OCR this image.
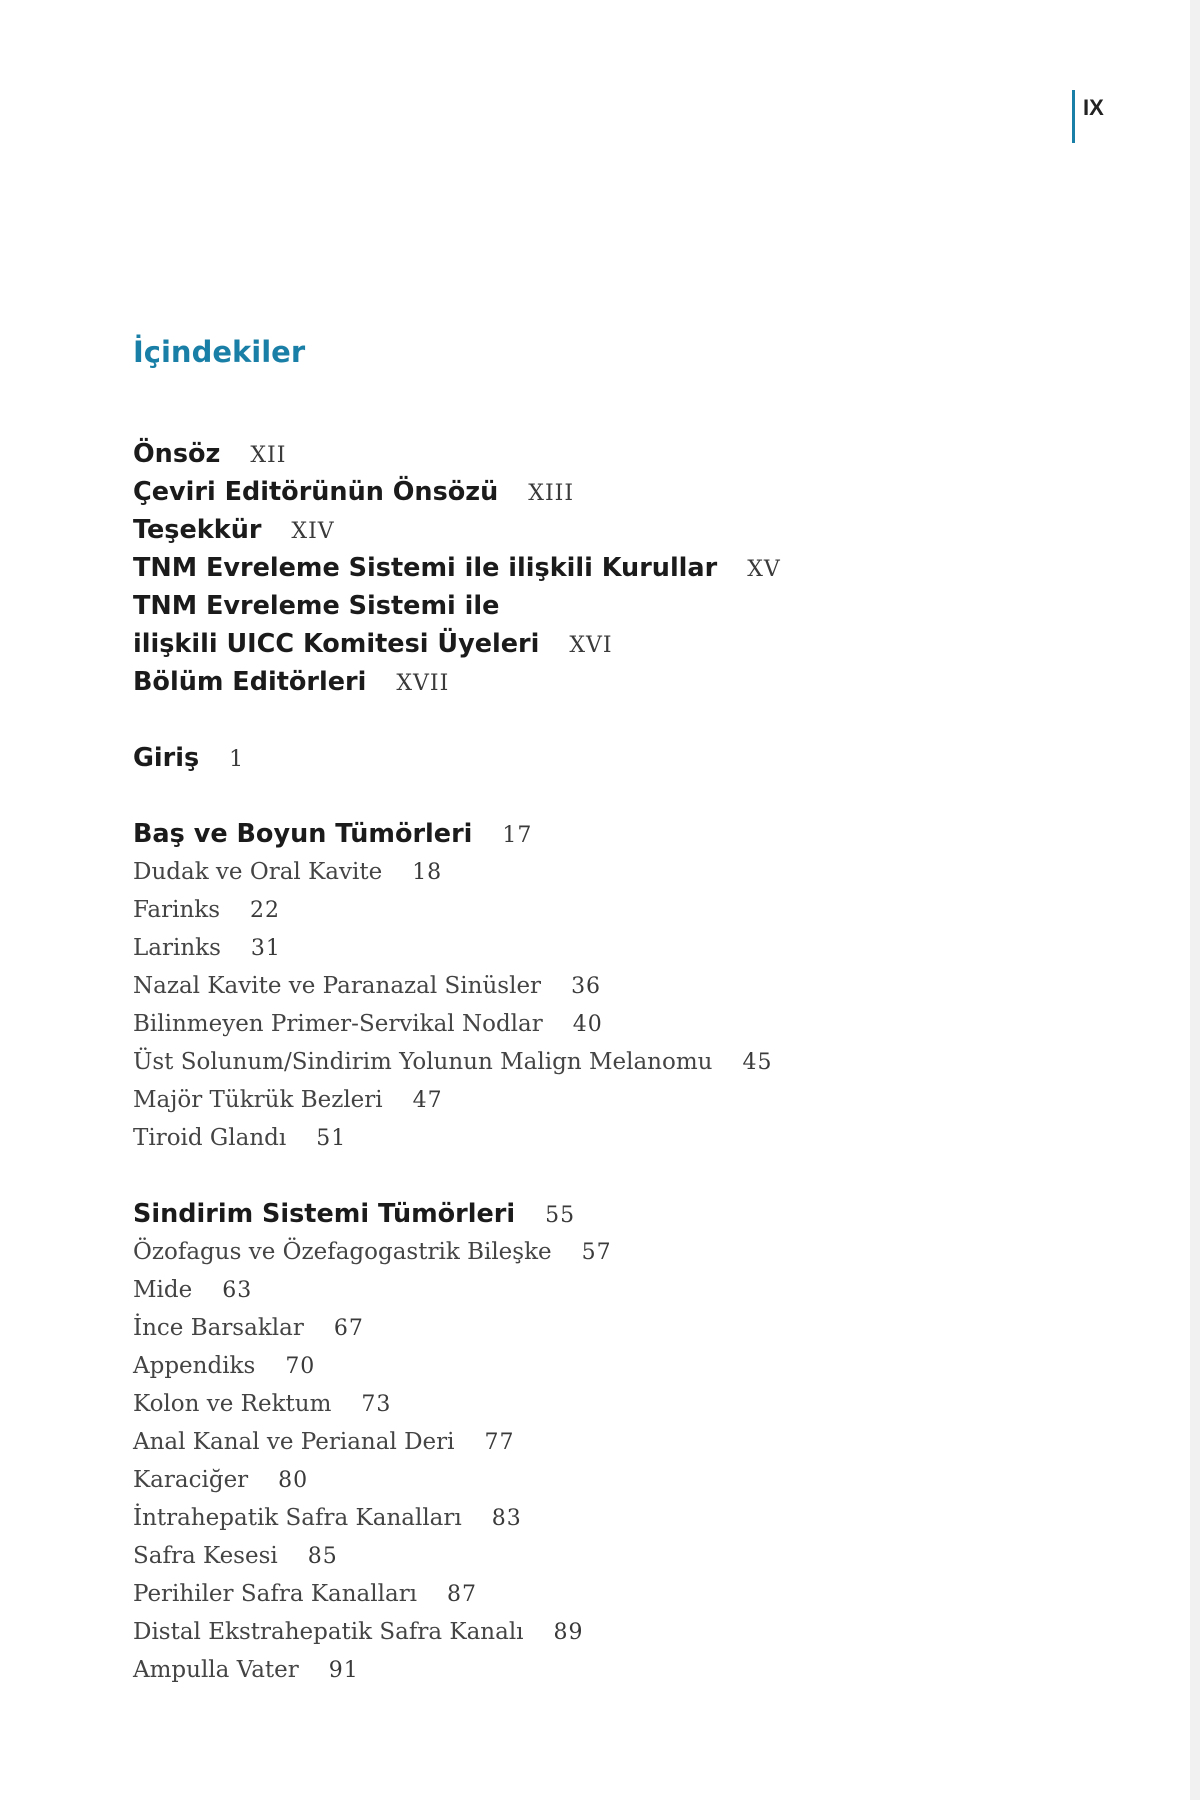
IX
İçindekiler
Önsöz XII
Çeviri Editörünün Önsözü XIII
Teşekkür XIV
TNM Evreleme Sistemi ile ilişkili Kurullar XV
TNM Evreleme Sistemi ile
ilişkili UICC Komitesi Üyeleri XVI
Bölüm Editörleri XVII
Giriş 1
Baş ve Boyun Tümörleri 17
Dudak ve Oral Kavite 18
Farinks 22
Larinks 31
Nazal Kavite ve Paranazal Sinüsler 36
Bilinmeyen Primer-Servikal Nodlar 40
Üst Solunum/Sindirim Yolunun Malign Melanomu 45
Majör Tükrük Bezleri 47
Tiroid Glandı 51
Sindirim Sistemi Tümörleri 55
Özofagus ve Özefagogastrik Bileşke 57
Mide 63
İnce Barsaklar 67
Appendiks 70
Kolon ve Rektum 73
Anal Kanal ve Perianal Deri 77
Karaciğer 80
İntrahepatik Safra Kanalları 83
Safra Kesesi 85
Perihiler Safra Kanalları 87
Distal Ekstrahepatik Safra Kanalı 89
Ampulla Vater 91
